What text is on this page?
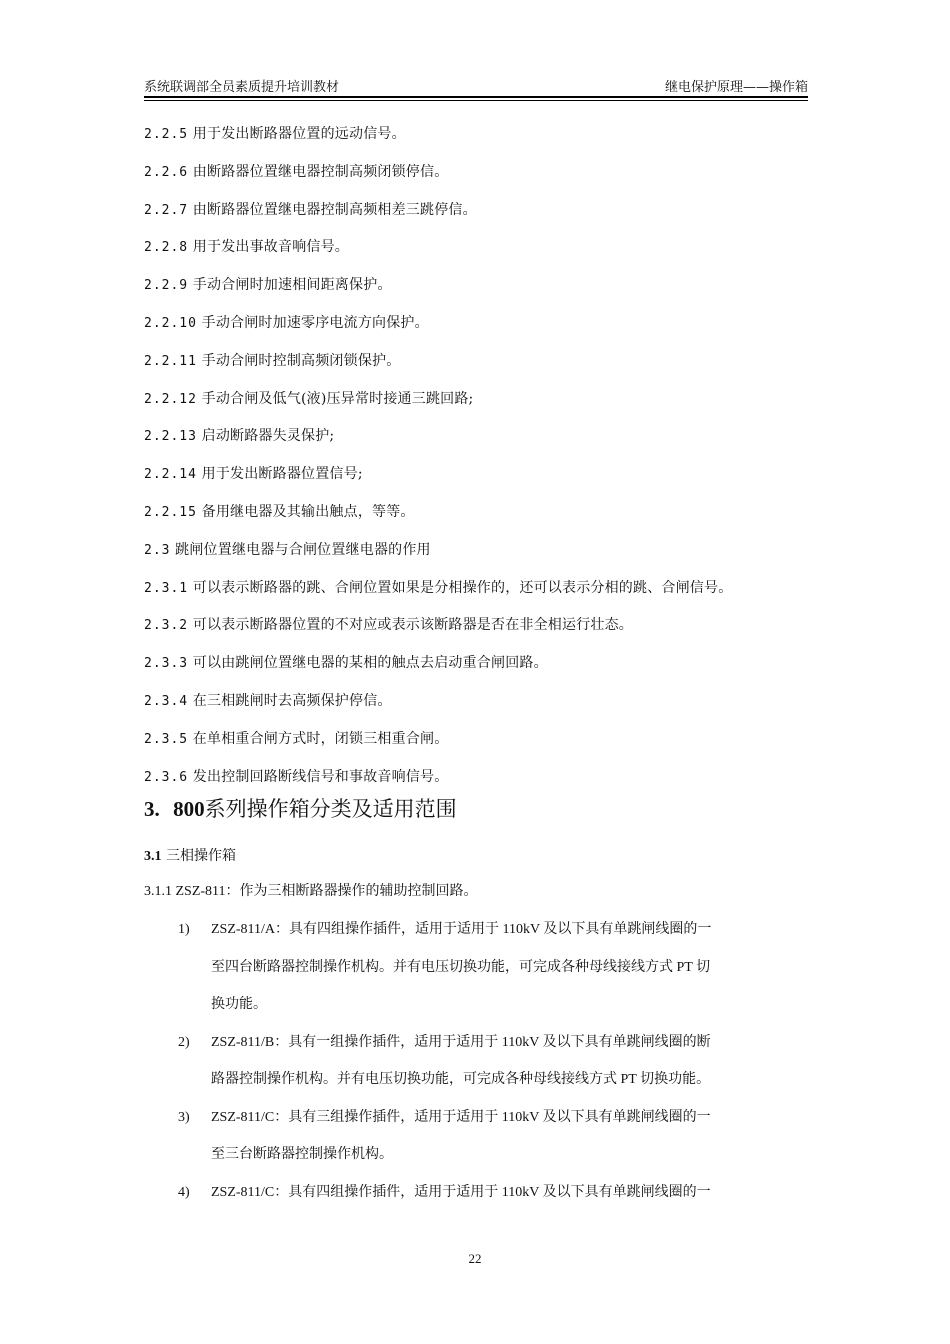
系统联调部全员素质提升培训教材	继电保护原理——操作箱
2.2.5 用于发出断路器位置的远动信号。
2.2.6 由断路器位置继电器控制高频闭锁停信。
2.2.7 由断路器位置继电器控制高频相差三跳停信。
2.2.8 用于发出事故音响信号。
2.2.9 手动合闸时加速相间距离保护。
2.2.10 手动合闸时加速零序电流方向保护。
2.2.11 手动合闸时控制高频闭锁保护。
2.2.12 手动合闸及低气(液)压异常时接通三跳回路;
2.2.13 启动断路器失灵保护;
2.2.14 用于发出断路器位置信号;
2.2.15 备用继电器及其输出触点，等等。
2.3 跳闸位置继电器与合闸位置继电器的作用
2.3.1 可以表示断路器的跳、合闸位置如果是分相操作的，还可以表示分相的跳、合闸信号。
2.3.2 可以表示断路器位置的不对应或表示该断路器是否在非全相运行壮态。
2.3.3 可以由跳闸位置继电器的某相的触点去启动重合闸回路。
2.3.4 在三相跳闸时去高频保护停信。
2.3.5 在单相重合闸方式时，闭锁三相重合闸。
2.3.6 发出控制回路断线信号和事故音响信号。
3. 800系列操作箱分类及适用范围
3.1 三相操作箱
3.1.1 ZSZ-811：作为三相断路器操作的辅助控制回路。
1) ZSZ-811/A：具有四组操作插件，适用于适用于 110kV 及以下具有单跳闸线圈的一
至四台断路器控制操作机构。并有电压切换功能，可完成各种母线接线方式 PT 切
换功能。
2) ZSZ-811/B：具有一组操作插件，适用于适用于 110kV 及以下具有单跳闸线圈的断
路器控制操作机构。并有电压切换功能，可完成各种母线接线方式 PT 切换功能。
3) ZSZ-811/C：具有三组操作插件，适用于适用于 110kV 及以下具有单跳闸线圈的一
至三台断路器控制操作机构。
4) ZSZ-811/C：具有四组操作插件，适用于适用于 110kV 及以下具有单跳闸线圈的一
22
